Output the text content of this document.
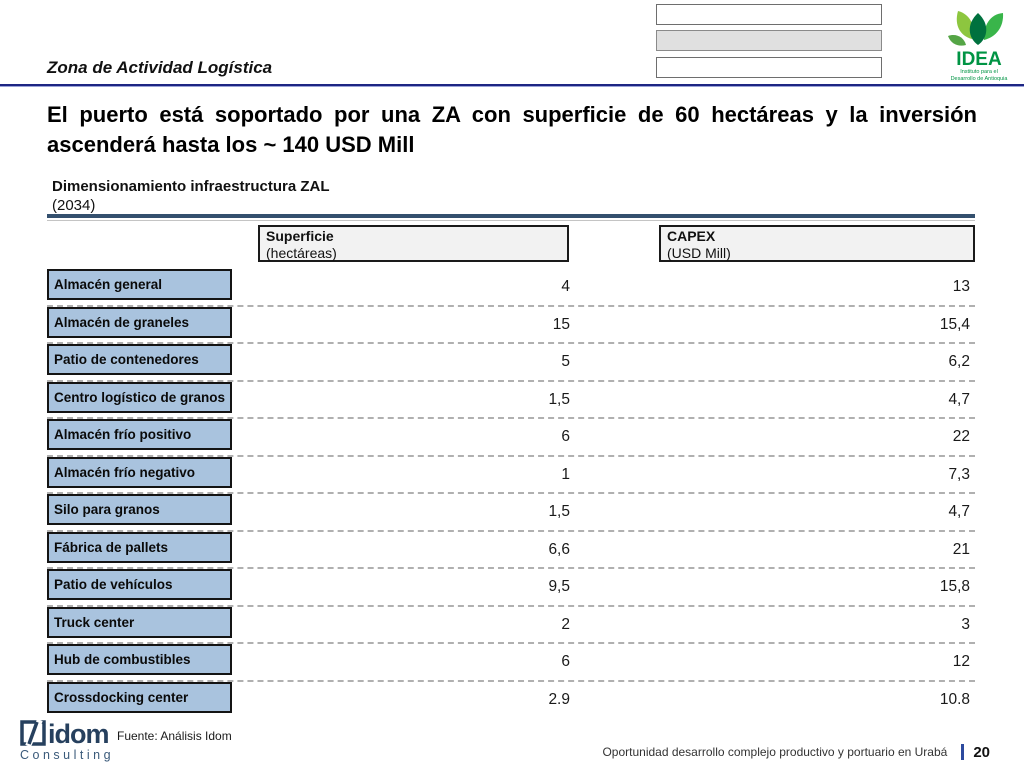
Zona de Actividad Logística	IDEA
Instituto para el
Desarrollo de Antioquia
El puerto está soportado por una ZA con superficie de 60 hectáreas y la inversión ascenderá hasta los ~ 140 USD Mill
Dimensionamiento infraestructura ZAL
(2034)
Superficie
(hectáreas)
CAPEX
(USD Mill)
Almacén general	4	13
Almacén de graneles	15	15,4
Patio de contenedores	5	6,2
Centro logístico de granos	1,5	4,7
Almacén frío positivo	6	22
Almacén frío negativo	1	7,3
Silo para granos	1,5	4,7
Fábrica de pallets	6,6	21
Patio de vehículos	9,5	15,8
Truck center	2	3
Hub de combustibles	6	12
Crossdocking center	2.9	10.8
idom
Consulting
Fuente: Análisis Idom
Oportunidad desarrollo complejo productivo y portuario en Urabá 20
